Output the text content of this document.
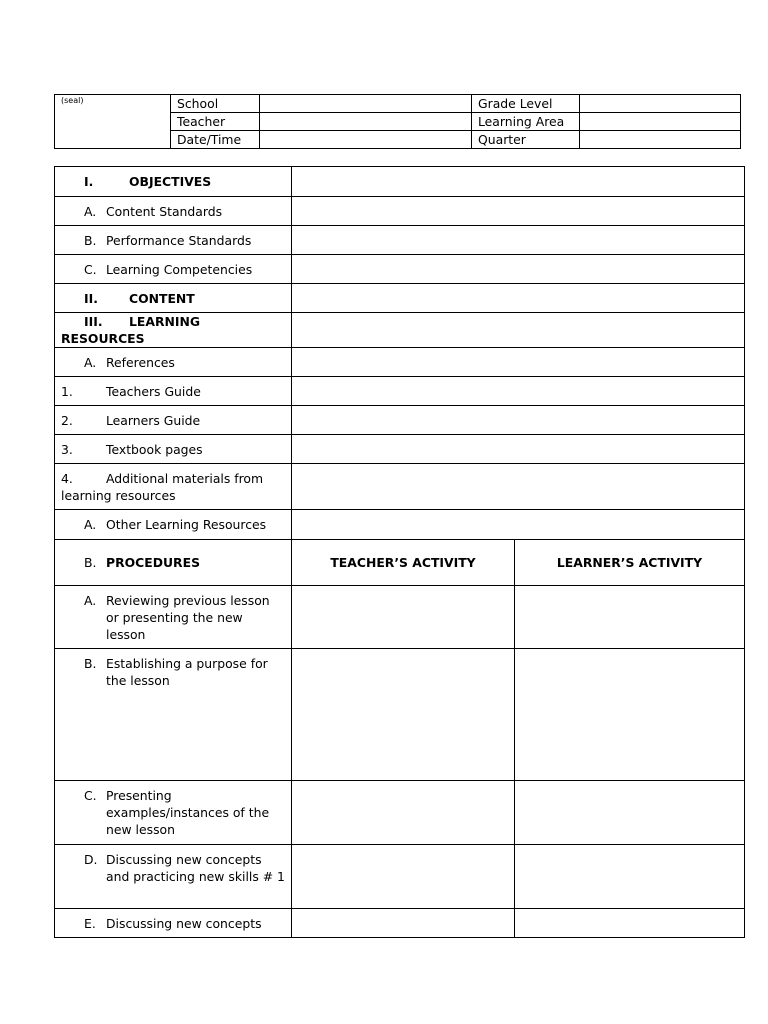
(seal)	School		Grade Level	
	Teacher		Learning Area	
	Date/Time		Quarter	
I. OBJECTIVES		
A. Content Standards		
B. Performance Standards		
C. Learning Competencies		
II. CONTENT		
III. LEARNING RESOURCES		
A. References		
1. Teachers Guide		
2. Learners Guide		
3. Textbook pages		

4. Additional materials from
learning resources		

A. Other Learning Resources		
B. PROCEDURES	TEACHER’S ACTIVITY	LEARNER’S ACTIVITY

A. Reviewing previous lesson or presenting the new lesson		

B. Establishing a purpose for the lesson		

C. Presenting examples/instances of the new lesson		

D. Discussing new concepts and practicing new skills # 1		

E. Discussing new concepts		
